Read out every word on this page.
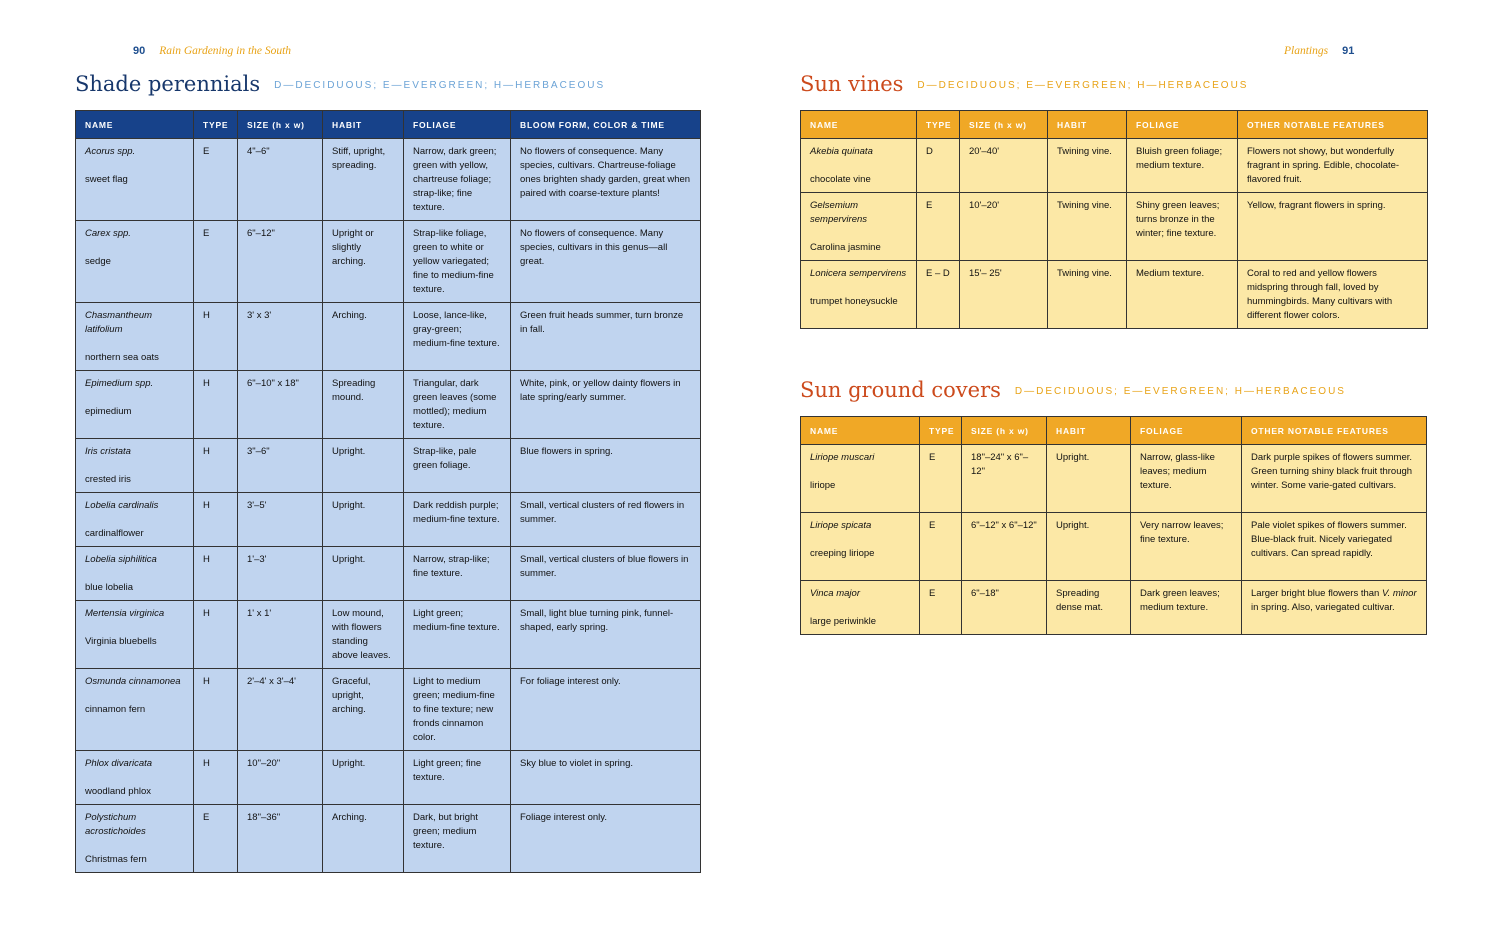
90 Rain Gardening in the South	Plantings 91
Shade perennials D—DECIDUOUS; E—EVERGREEN; H—HERBACEOUS
NAME	TYPE	SIZE (h x w)	HABIT	FOLIAGE	BLOOM FORM, COLOR & TIME

Acorus spp.
sweet flag	E	4"–6"	Stiff, upright, spreading.	Narrow, dark green; green with yellow, chartreuse foliage; strap-like; fine texture.	No flowers of consequence. Many species, cultivars. Chartreuse-foliage ones brighten shady garden, great when paired with coarse-texture plants!

Carex spp.
sedge	E	6"–12"	Upright or slightly arching.	Strap-like foliage, green to white or yellow variegated; fine to medium-fine texture.	No flowers of consequence. Many species, cultivars in this genus—all great.

Chasmantheum latifolium
northern sea oats	H	3' x 3'	Arching.	Loose, lance-like, gray-green; medium-fine texture.	Green fruit heads summer, turn bronze in fall.

Epimedium spp.
epimedium	H	6"–10" x 18"	Spreading mound.	Triangular, dark green leaves (some mottled); medium texture.	White, pink, or yellow dainty flowers in late spring/early summer.

Iris cristata
crested iris	H	3"–6"	Upright.	Strap-like, pale green foliage.	Blue flowers in spring.

Lobelia cardinalis
cardinalflower	H	3'–5'	Upright.	Dark reddish purple; medium-fine texture.	Small, vertical clusters of red flowers in summer.

Lobelia siphilitica
blue lobelia	H	1'–3'	Upright.	Narrow, strap-like; fine texture.	Small, vertical clusters of blue flowers in summer.

Mertensia virginica
Virginia bluebells	H	1' x 1'	Low mound, with flowers standing above leaves.	Light green; medium-fine texture.	Small, light blue turning pink, funnel-shaped, early spring.

Osmunda cinnamonea
cinnamon fern	H	2'–4' x 3'–4'	Graceful, upright, arching.	Light to medium green; medium-fine to fine texture; new fronds cinnamon color.	For foliage interest only.

Phlox divaricata
woodland phlox	H	10"–20"	Upright.	Light green; fine texture.	Sky blue to violet in spring.

Polystichum acrostichoides
Christmas fern	E	18"–36"	Arching.	Dark, but bright green; medium texture.	Foliage interest only.
Sun vines D—DECIDUOUS; E—EVERGREEN; H—HERBACEOUS
NAME	TYPE	SIZE (h x w)	HABIT	FOLIAGE	OTHER NOTABLE FEATURES

Akebia quinata
chocolate vine	D	20'–40'	Twining vine.	Bluish green foliage; medium texture.	Flowers not showy, but wonderfully fragrant in spring. Edible, chocolate-flavored fruit.

Gelsemium sempervirens
Carolina jasmine	E	10'–20'	Twining vine.	Shiny green leaves; turns bronze in the winter; fine texture.	Yellow, fragrant flowers in spring.

Lonicera sempervirens
trumpet honeysuckle	E – D	15'– 25'	Twining vine.	Medium texture.	Coral to red and yellow flowers midspring through fall, loved by hummingbirds. Many cultivars with different flower colors.
Sun ground covers D—DECIDUOUS; E—EVERGREEN; H—HERBACEOUS
NAME	TYPE	SIZE (h x w)	HABIT	FOLIAGE	OTHER NOTABLE FEATURES

Liriope muscari
liriope	E	18"–24" x 6"–12"	Upright.	Narrow, glass-like leaves; medium texture.	Dark purple spikes of flowers summer. Green turning shiny black fruit through winter. Some varie-gated cultivars.

Liriope spicata
creeping liriope	E	6"–12" x 6"–12"	Upright.	Very narrow leaves; fine texture.	Pale violet spikes of flowers summer. Blue-black fruit. Nicely variegated cultivars. Can spread rapidly.

Vinca major
large periwinkle	E	6"–18"	Spreading dense mat.	Dark green leaves; medium texture.	Larger bright blue flowers than V. minor in spring. Also, variegated cultivar.
